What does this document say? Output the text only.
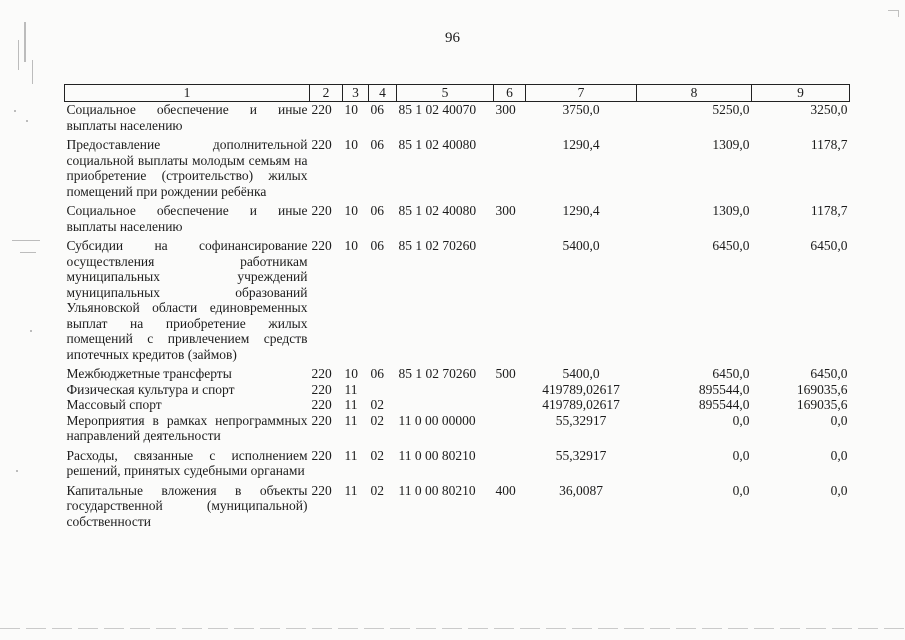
96
1	2	3	4	5	6	7	8	9
Социальное обеспечение и иные выплаты населению	220	10	06	85 1 02 40070	300	3750,0	5250,0	3250,0
Предоставление дополнительной социальной выплаты молодым семьям на приобретение (строительство) жилых помещений при рождении ребёнка	220	10	06	85 1 02 40080		1290,4	1309,0	1178,7
Социальное обеспечение и иные выплаты населению	220	10	06	85 1 02 40080	300	1290,4	1309,0	1178,7
Субсидии на софинансирование осуществления работникам муниципальных учреждений муниципальных образований Ульяновской области единовременных выплат на приобретение жилых помещений с привлечением средств ипотечных кредитов (займов)	220	10	06	85 1 02 70260		5400,0	6450,0	6450,0
Межбюджетные трансферты	220	10	06	85 1 02 70260	500	5400,0	6450,0	6450,0
Физическая культура и спорт	220	11				419789,02617	895544,0	169035,6
Массовый спорт	220	11	02			419789,02617	895544,0	169035,6
Мероприятия в рамках непрограммных направлений деятельности	220	11	02	11 0 00 00000		55,32917	0,0	0,0
Расходы, связанные с исполнением решений, принятых судебными органами	220	11	02	11 0 00 80210		55,32917	0,0	0,0
Капитальные вложения в объекты государственной (муниципальной) собственности	220	11	02	11 0 00 80210	400	36,0087	0,0	0,0
